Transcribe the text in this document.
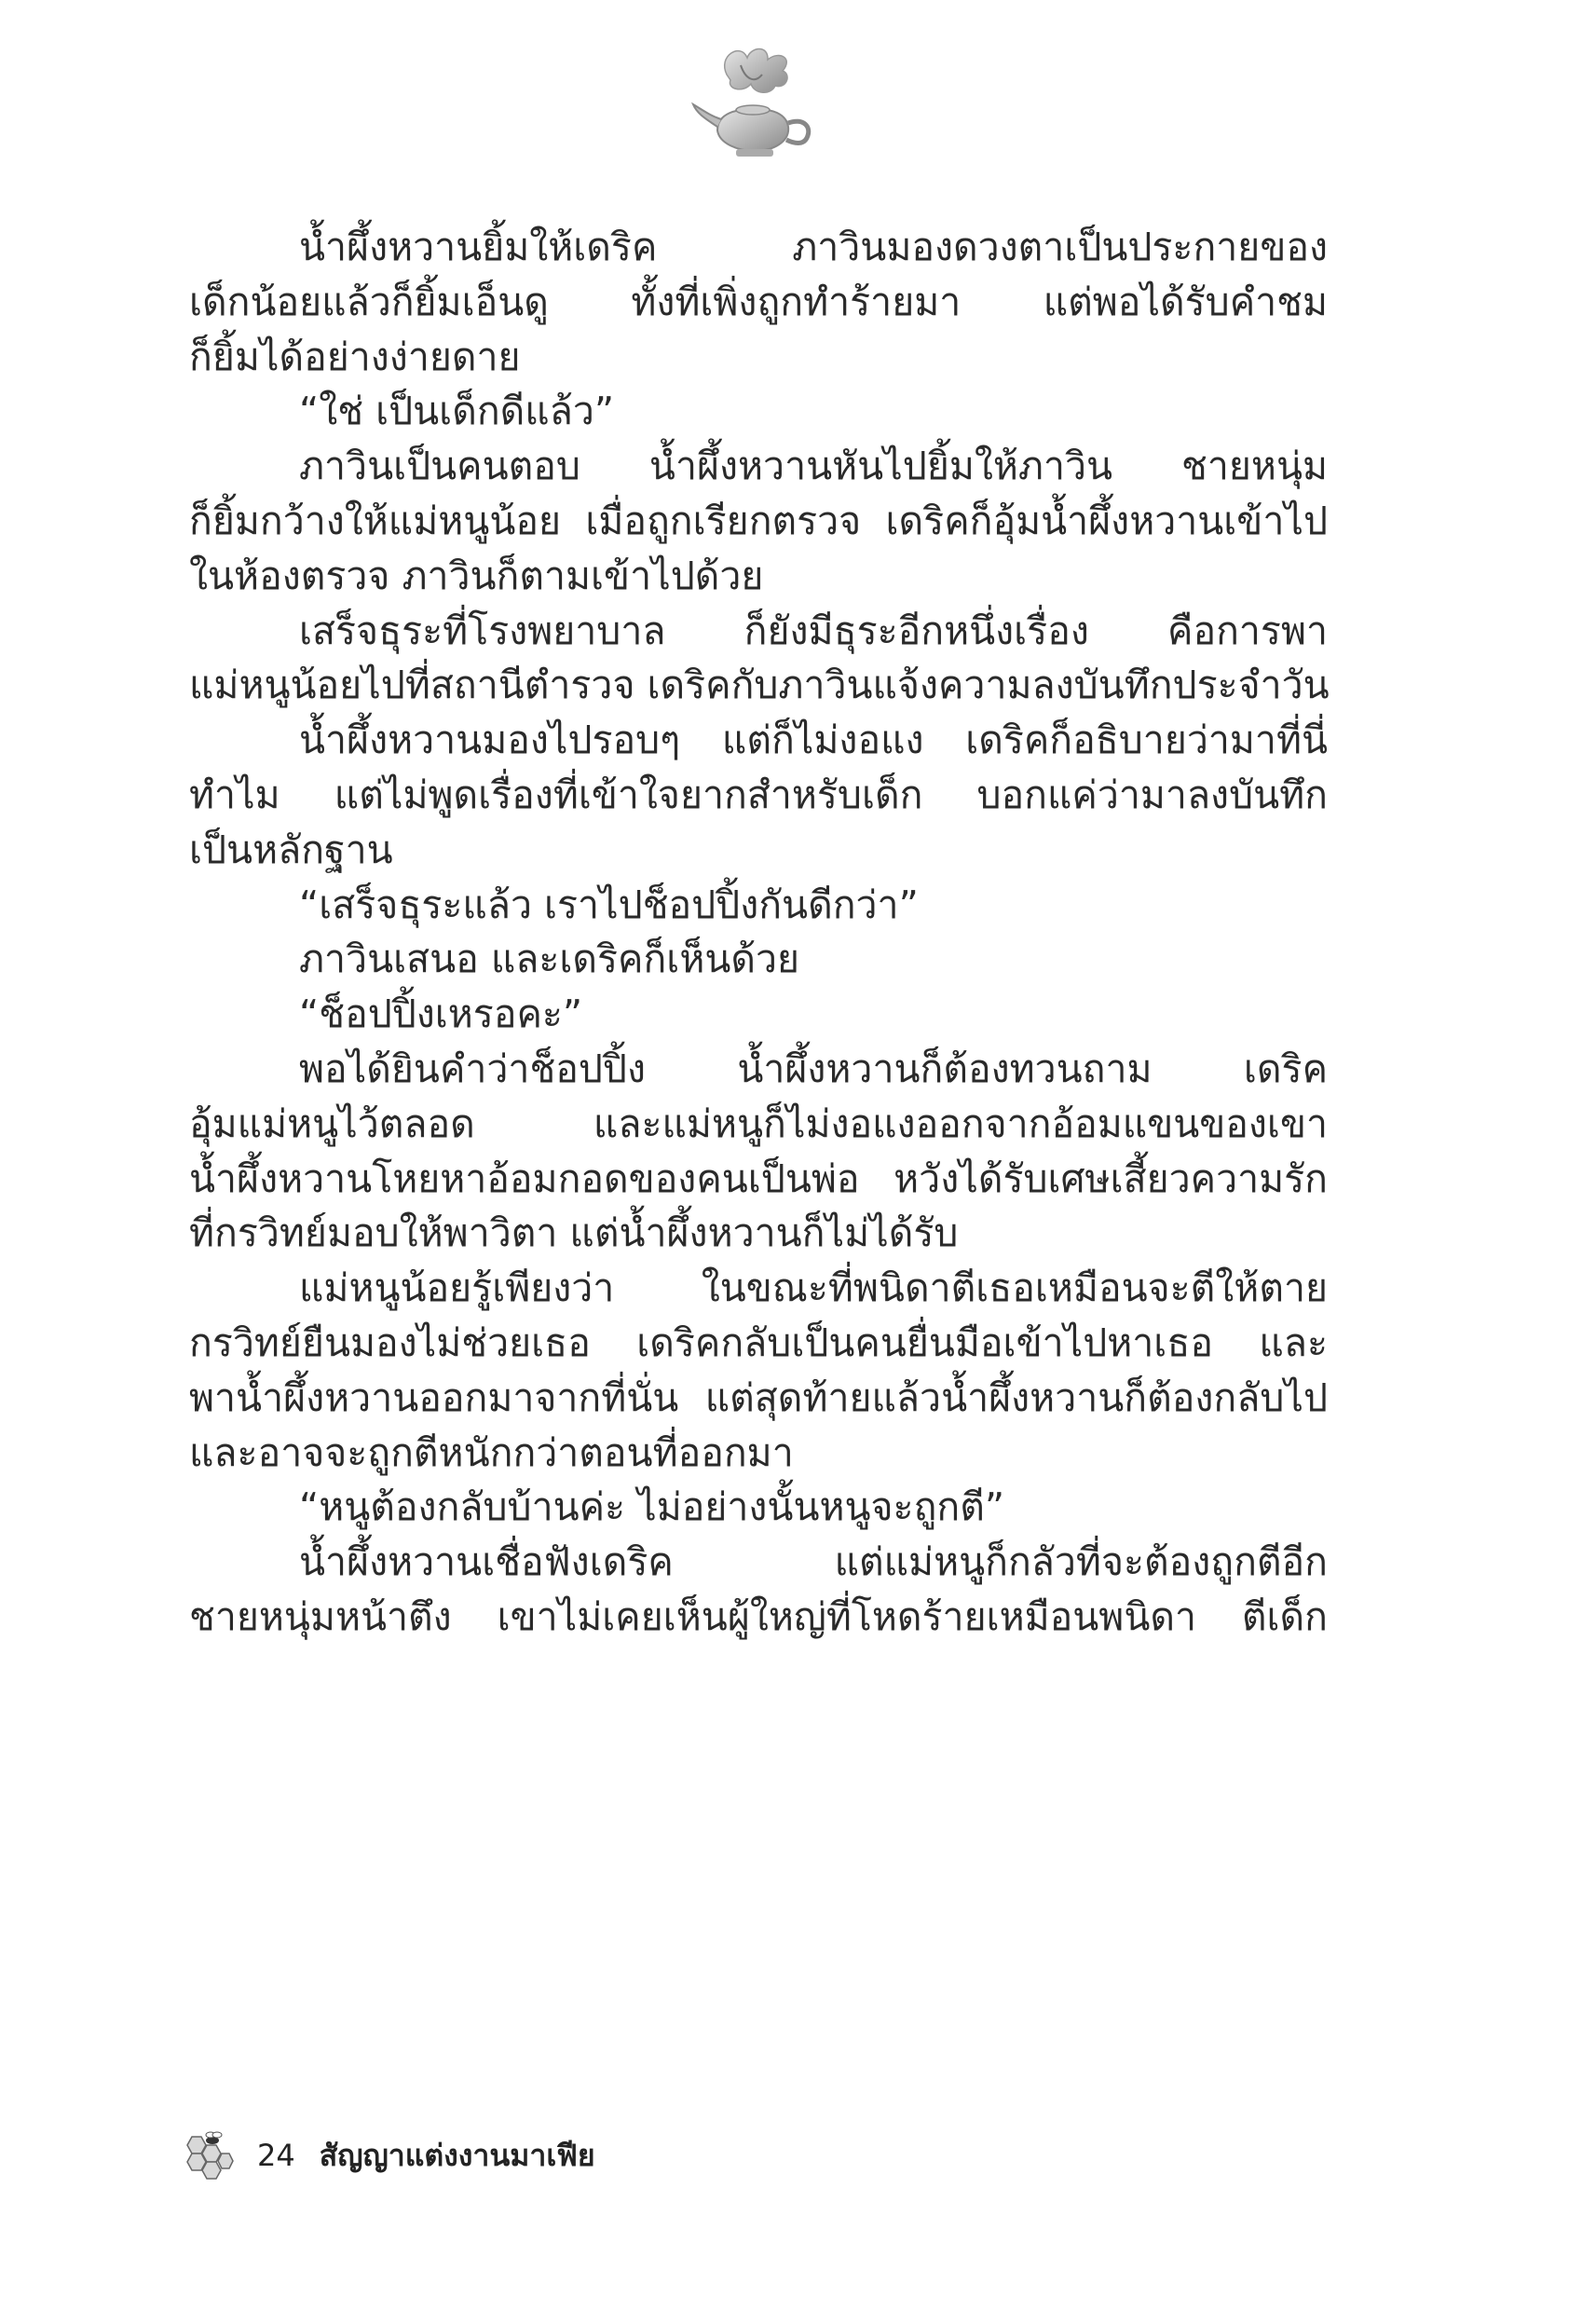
น้ำผึ้งหวานยิ้มให้เดริค ภาวินมองดวงตาเป็นประกายของ
เด็กน้อยแล้วก็ยิ้มเอ็นดู ทั้งที่เพิ่งถูกทำร้ายมา แต่พอได้รับคำชม
ก็ยิ้มได้อย่างง่ายดาย
“ใช่ เป็นเด็กดีแล้ว”
ภาวินเป็นคนตอบ น้ำผึ้งหวานหันไปยิ้มให้ภาวิน ชายหนุ่ม
ก็ยิ้มกว้างให้แม่หนูน้อย เมื่อถูกเรียกตรวจ เดริคก็อุ้มน้ำผึ้งหวานเข้าไป
ในห้องตรวจ ภาวินก็ตามเข้าไปด้วย
เสร็จธุระที่โรงพยาบาล ก็ยังมีธุระอีกหนึ่งเรื่อง คือการพา
แม่หนูน้อยไปที่สถานีตำรวจ เดริคกับภาวินแจ้งความลงบันทึกประจำวัน
น้ำผึ้งหวานมองไปรอบๆ แต่ก็ไม่งอแง เดริคก็อธิบายว่ามาที่นี่
ทำไม แต่ไม่พูดเรื่องที่เข้าใจยากสำหรับเด็ก บอกแค่ว่ามาลงบันทึก
เป็นหลักฐาน
“เสร็จธุระแล้ว เราไปช็อปปิ้งกันดีกว่า”
ภาวินเสนอ และเดริคก็เห็นด้วย
“ช็อปปิ้งเหรอคะ”
พอได้ยินคำว่าช็อปปิ้ง น้ำผึ้งหวานก็ต้องทวนถาม เดริค
อุ้มแม่หนูไว้ตลอด และแม่หนูก็ไม่งอแงออกจากอ้อมแขนของเขา
น้ำผึ้งหวานโหยหาอ้อมกอดของคนเป็นพ่อ หวังได้รับเศษเสี้ยวความรัก
ที่กรวิทย์มอบให้พาวิตา แต่น้ำผึ้งหวานก็ไม่ได้รับ
แม่หนูน้อยรู้เพียงว่า ในขณะที่พนิดาตีเธอเหมือนจะตีให้ตาย
กรวิทย์ยืนมองไม่ช่วยเธอ เดริคกลับเป็นคนยื่นมือเข้าไปหาเธอ และ
พาน้ำผึ้งหวานออกมาจากที่นั่น แต่สุดท้ายแล้วน้ำผึ้งหวานก็ต้องกลับไป
และอาจจะถูกตีหนักกว่าตอนที่ออกมา
“หนูต้องกลับบ้านค่ะ ไม่อย่างนั้นหนูจะถูกตี”
น้ำผึ้งหวานเชื่อฟังเดริค แต่แม่หนูก็กลัวที่จะต้องถูกตีอีก
ชายหนุ่มหน้าตึง เขาไม่เคยเห็นผู้ใหญ่ที่โหดร้ายเหมือนพนิดา ตีเด็ก
24 สัญญาแต่งงานมาเฟีย
